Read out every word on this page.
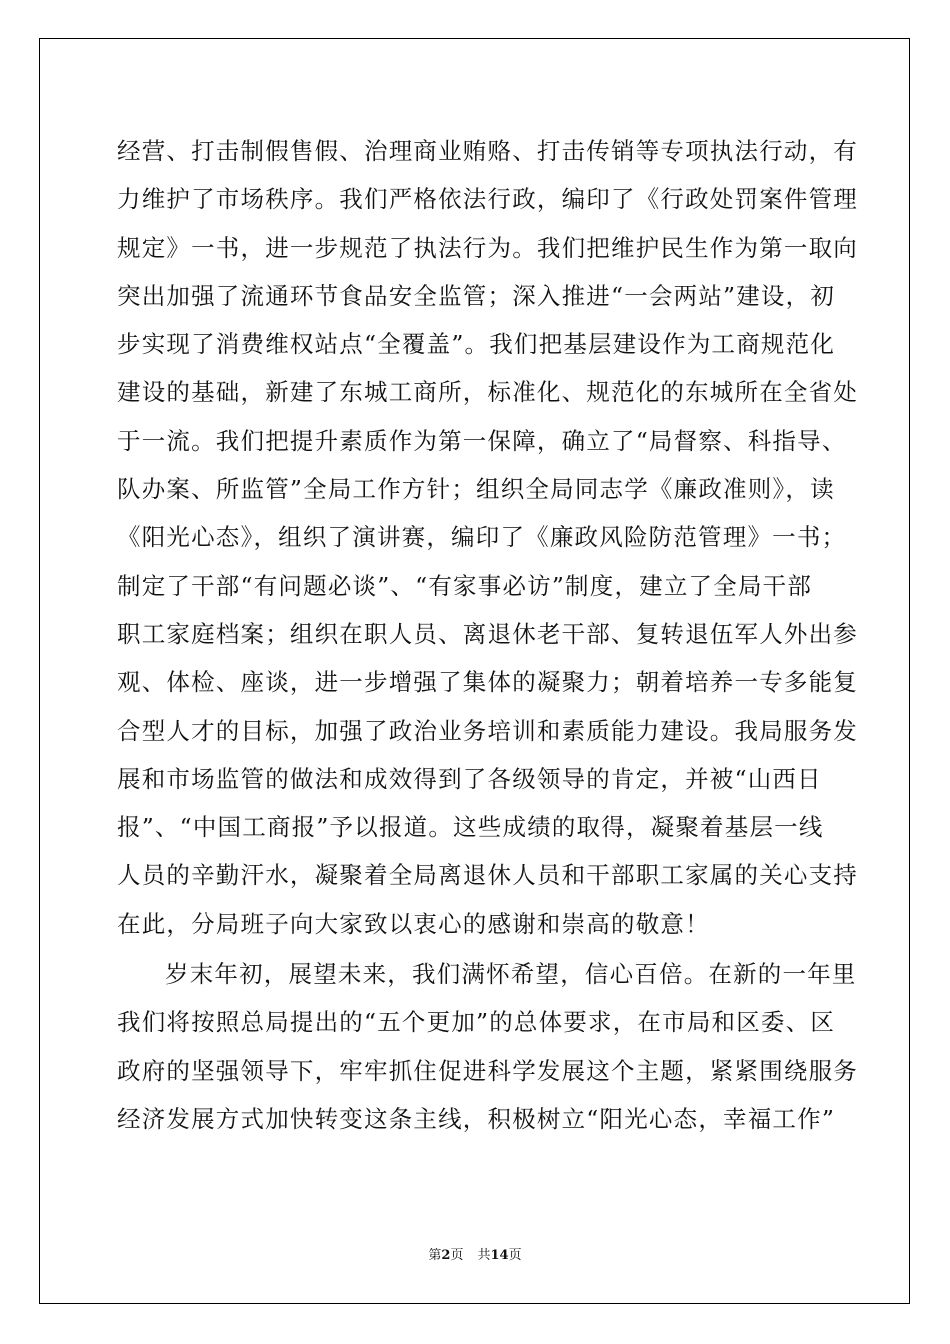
经营、打击制假售假、治理商业贿赂、打击传销等专项执法行动，有
力维护了市场秩序。我们严格依法行政，编印了《行政处罚案件管理
规定》一书，进一步规范了执法行为。我们把维护民生作为第一取向
突出加强了流通环节食品安全监管；深入推进“一会两站”建设，初
步实现了消费维权站点“全覆盖”。我们把基层建设作为工商规范化
建设的基础，新建了东城工商所，标准化、规范化的东城所在全省处
于一流。我们把提升素质作为第一保障，确立了“局督察、科指导、
队办案、所监管”全局工作方针；组织全局同志学《廉政准则》，读
《阳光心态》，组织了演讲赛，编印了《廉政风险防范管理》一书；
制定了干部“有问题必谈”、“有家事必访”制度，建立了全局干部
职工家庭档案；组织在职人员、离退休老干部、复转退伍军人外出参
观、体检、座谈，进一步增强了集体的凝聚力；朝着培养一专多能复
合型人才的目标，加强了政治业务培训和素质能力建设。我局服务发
展和市场监管的做法和成效得到了各级领导的肯定，并被“山西日
报”、“中国工商报”予以报道。这些成绩的取得，凝聚着基层一线
人员的辛勤汗水，凝聚着全局离退休人员和干部职工家属的关心支持
在此，分局班子向大家致以衷心的感谢和崇高的敬意！
岁末年初，展望未来，我们满怀希望，信心百倍。在新的一年里
我们将按照总局提出的“五个更加”的总体要求，在市局和区委、区
政府的坚强领导下，牢牢抓住促进科学发展这个主题，紧紧围绕服务
经济发展方式加快转变这条主线，积极树立“阳光心态，幸福工作”
第2页 共14页
